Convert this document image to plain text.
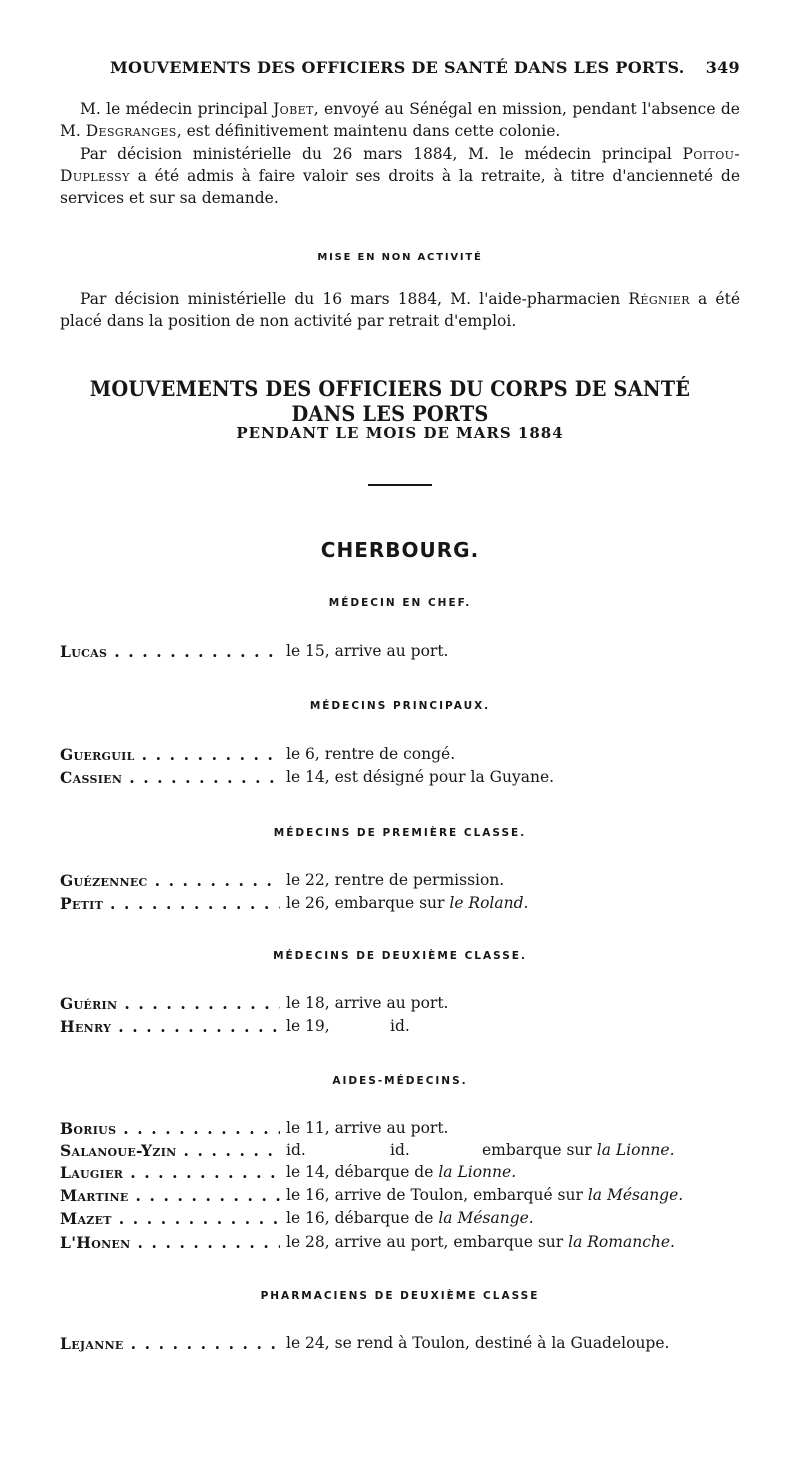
MOUVEMENTS DES OFFICIERS DE SANTÉ DANS LES PORTS. 349

M. le médecin principal Jobet, envoyé au Sénégal en mission, pendant l'absence de M. Desgranges, est définitivement maintenu dans cette colonie.

Par décision ministérielle du 26 mars 1884, M. le médecin principal Poitou-Duplessy a été admis à faire valoir ses droits à la retraite, à titre d'ancienneté de services et sur sa demande.

MISE EN NON ACTIVITÉ

Par décision ministérielle du 16 mars 1884, M. l'aide-pharmacien Régnier a été placé dans la position de non activité par retrait d'emploi.

MOUVEMENTS DES OFFICIERS DU CORPS DE SANTÉ DANS LES PORTS
PENDANT LE MOIS DE MARS 1884
CHERBOURG.
MÉDECIN EN CHEF.
Lucas . . .	le 15, arrive au port.
MÉDECINS PRINCIPAUX.
Guerguil . . .	le 6, rentre de congé.
Cassien . . .	le 14, est désigné pour la Guyane.
MÉDECINS DE PREMIÈRE CLASSE.
Guézennec . . .	le 22, rentre de permission.
Petit . . .	le 26, embarque sur le Roland.
MÉDECINS DE DEUXIÈME CLASSE.
Guérin . . .	le 18, arrive au port.
Henry . . .	le 19,	id.
AIDES-MÉDECINS.
Borius . . .	le 11, arrive au port.
Salanoue-Yzin . . .	id.	id.	embarque sur la Lionne.
Laugier . . .	le 14, débarque de la Lionne.
Martine . . .	le 16, arrive de Toulon, embarqué sur la Mésange.
Mazet . . .	le 16, débarque de la Mésange.
L'Honen . . .	le 28, arrive au port, embarque sur la Romanche.
PHARMACIENS DE DEUXIÈME CLASSE
Lejanne . . .	le 24, se rend à Toulon, destiné à la Guadeloupe.
